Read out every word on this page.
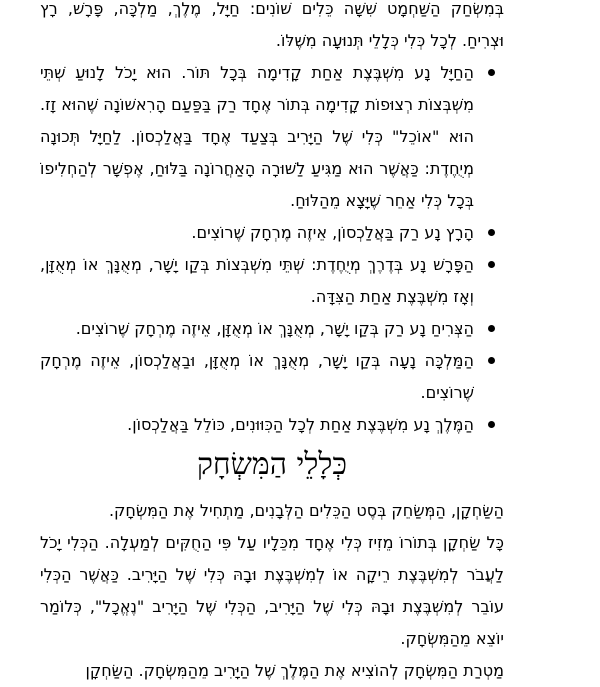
בְּמִשְׂחַק הַשַּׁחְמָט שִׁשָּׁה כֵּלִים שׁוֹנִים: חַיָּל, מֶלֶךְ, מַלְכָּה, פָּרָשׁ, רָץ וּצְרִיחַ. לְכָל כְּלִי כְּלָלֵי תְּנוּעָה מִשֶּׁלּוֹ.

הַחַיָּל נָע מִשְׁבֶּצֶת אַחַת קָדִימָה בְּכָל תּוֹר. הוּא יָכֹל לָנוּעַ שְׁתֵּי מִשְׁבְּצוֹת רְצוּפוֹת קָדִימָה בְּתוֹר אֶחָד רַק בַּפַּעַם הָרִאשׁוֹנָה שֶׁהוּא זָז. הוּא "אוֹכֵל" כְּלִי שֶׁל הַיָּרִיב בְּצַעַד אֶחָד בַּאֲלַכְסוֹן. לַחַיָּל תְּכוּנָה מְיֻחֶדֶת: כַּאֲשֶׁר הוּא מַגִּיעַ לַשּׁוּרָה הָאַחֲרוֹנָה בַּלּוּחַ, אֶפְשָׁר לְהַחְלִיפוֹ בְּכָל כְּלִי אַחֵר שֶׁיָּצָא מֵהַלּוּחַ.
הָרָץ נָע רַק בַּאֲלַכְסוֹן, אֵיזֶה מֶרְחָק שֶׁרוֹצִים.
הַפָּרָשׁ נָע בְּדֶרֶךְ מְיֻחֶדֶת: שְׁתֵּי מִשְׁבְּצוֹת בְּקַו יָשָׁר, מְאֻנָּךְ אוֹ מְאֻזָּן, וְאָז מִשְׁבֶּצֶת אַחַת הַצִּדָּה.
הַצְּרִיחַ נָע רַק בְּקַו יָשָׁר, מְאֻנָּךְ אוֹ מְאֻזָּן, אֵיזֶה מֶרְחָק שֶׁרוֹצִים.
הַמַּלְכָּה נָעָה בְּקַו יָשָׁר, מְאֻנָּךְ אוֹ מְאֻזָּן, וּבַאֲלַכְסוֹן, אֵיזֶה מֶרְחָק שֶׁרוֹצִים.
הַמֶּלֶךְ נָע מִשְׁבֶּצֶת אַחַת לְכָל הַכִּוּוּנִים, כּוֹלֵל בַּאֲלַכְסוֹן.
כְּלָלֵי הַמִּשְׂחָק

הַשַּׂחְקָן, הַמְּשַׂחֵק בְּסֶט הַכֵּלִים הַלְּבָנִים, מַתְחִיל אֶת הַמִּשְׂחָק.

כָּל שַׂחְקָן בְּתוֹרוֹ מֵזִיז כְּלִי אֶחָד מִכֵּלָיו עַל פִּי הַחֻקִּים לְמַעְלָה. הַכְּלִי יָכֹל לַעֲבֹר לְמִשְׁבֶּצֶת רֵיקָה אוֹ לְמִשְׁבֶּצֶת וּבָהּ כְּלִי שֶׁל הַיָּרִיב. כַּאֲשֶׁר הַכְּלִי עוֹבֵר לְמִשְׁבֶּצֶת וּבָהּ כְּלִי שֶׁל הַיָּרִיב, הַכְּלִי שֶׁל הַיָּרִיב "נֶאֱכָל", כְּלוֹמַר יוֹצֵא מֵהַמִּשְׂחָק.

מַטְרַת הַמִּשְׂחָק לְהוֹצִיא אֶת הַמֶּלֶךְ שֶׁל הַיָּרִיב מֵהַמִּשְׂחָק. הַשַּׂחְקָן
